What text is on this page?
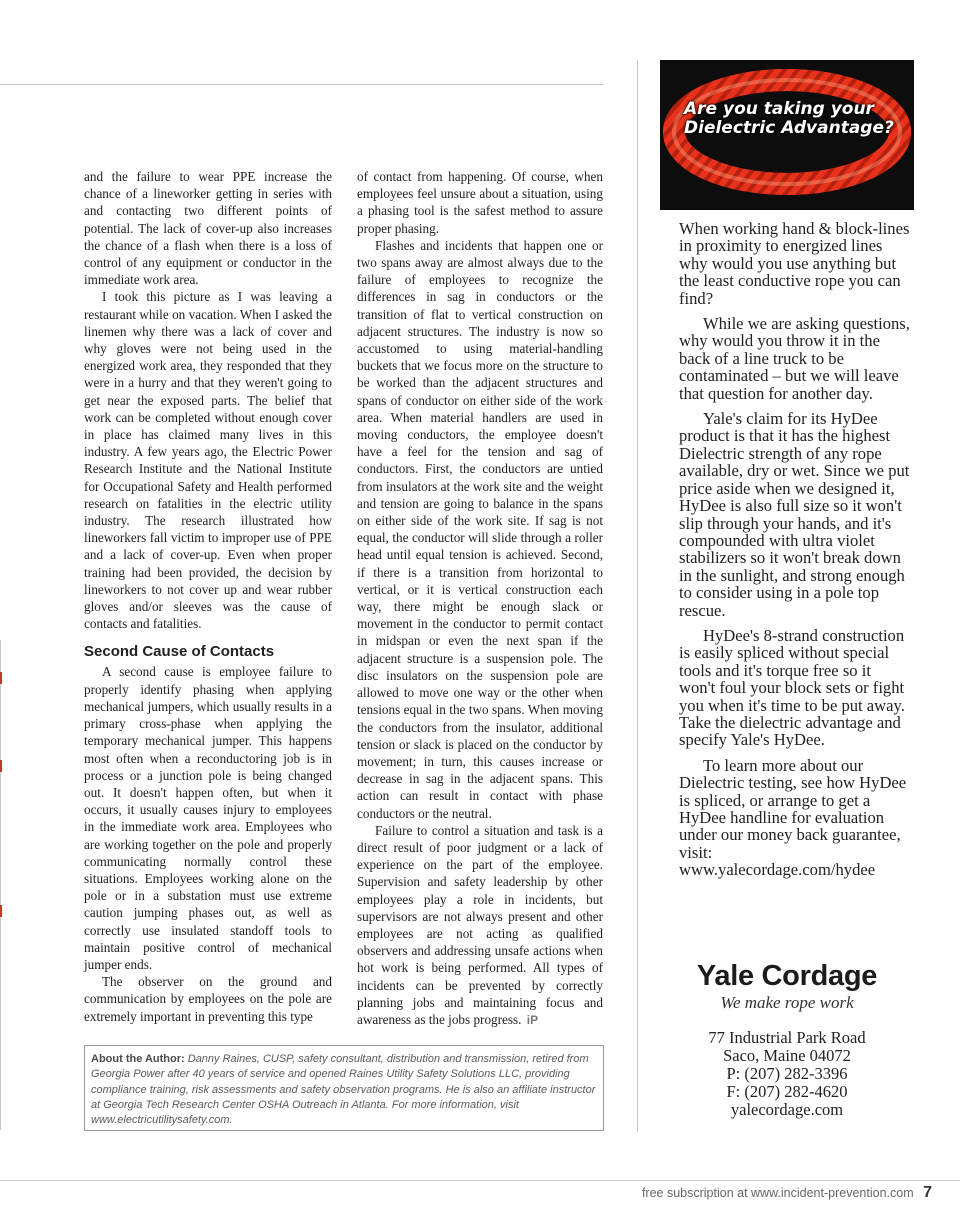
and the failure to wear PPE increase the chance of a lineworker getting in series with and contacting two different points of potential. The lack of cover-up also increases the chance of a flash when there is a loss of control of any equipment or conductor in the immediate work area.

I took this picture as I was leaving a restaurant while on vacation. When I asked the linemen why there was a lack of cover and why gloves were not being used in the energized work area, they responded that they were in a hurry and that they weren't going to get near the exposed parts. The belief that work can be completed without enough cover in place has claimed many lives in this industry. A few years ago, the Electric Power Research Institute and the National Institute for Occupational Safety and Health performed research on fatalities in the electric utility industry. The research illustrated how lineworkers fall victim to improper use of PPE and a lack of cover-up. Even when proper training had been provided, the decision by lineworkers to not cover up and wear rubber gloves and/or sleeves was the cause of contacts and fatalities.

Second Cause of Contacts

A second cause is employee failure to properly identify phasing when applying mechanical jumpers, which usually results in a primary cross-phase when applying the temporary mechanical jumper. This happens most often when a reconductoring job is in process or a junction pole is being changed out. It doesn't happen often, but when it occurs, it usually causes injury to employees in the immediate work area. Employees who are working together on the pole and properly communicating normally control these situations. Employees working alone on the pole or in a substation must use extreme caution jumping phases out, as well as correctly use insulated standoff tools to maintain positive control of mechanical jumper ends.

The observer on the ground and communication by employees on the pole are extremely important in preventing this type

of contact from happening. Of course, when employees feel unsure about a situation, using a phasing tool is the safest method to assure proper phasing.

Flashes and incidents that happen one or two spans away are almost always due to the failure of employees to recognize the differences in sag in conductors or the transition of flat to vertical construction on adjacent structures. The industry is now so accustomed to using material-handling buckets that we focus more on the structure to be worked than the adjacent structures and spans of conductor on either side of the work area. When material handlers are used in moving conductors, the employee doesn't have a feel for the tension and sag of conductors. First, the conductors are untied from insulators at the work site and the weight and tension are going to balance in the spans on either side of the work site. If sag is not equal, the conductor will slide through a roller head until equal tension is achieved. Second, if there is a transition from horizontal to vertical, or it is vertical construction each way, there might be enough slack or movement in the conductor to permit contact in midspan or even the next span if the adjacent structure is a suspension pole. The disc insulators on the suspension pole are allowed to move one way or the other when tensions equal in the two spans. When moving the conductors from the insulator, additional tension or slack is placed on the conductor by movement; in turn, this causes increase or decrease in sag in the adjacent spans. This action can result in contact with phase conductors or the neutral.

Failure to control a situation and task is a direct result of poor judgment or a lack of experience on the part of the employee. Supervision and safety leadership by other employees play a role in incidents, but supervisors are not always present and other employees are not acting as qualified observers and addressing unsafe actions when hot work is being performed. All types of incidents can be prevented by correctly planning jobs and maintaining focus and awareness as the jobs progress. iP

About the Author: Danny Raines, CUSP, safety consultant, distribution and transmission, retired from Georgia Power after 40 years of service and opened Raines Utility Safety Solutions LLC, providing compliance training, risk assessments and safety observation programs. He is also an affiliate instructor at Georgia Tech Research Center OSHA Outreach in Atlanta. For more information, visit www.electricutilitysafety.com.
Are you taking your
Dielectric Advantage?

When working hand & block-lines in proximity to energized lines why would you use anything but the least conductive rope you can find?

While we are asking questions, why would you throw it in the back of a line truck to be contaminated – but we will leave that question for another day.

Yale's claim for its HyDee product is that it has the highest Dielectric strength of any rope available, dry or wet. Since we put price aside when we designed it, HyDee is also full size so it won't slip through your hands, and it's compounded with ultra violet stabilizers so it won't break down in the sunlight, and strong enough to consider using in a pole top rescue.

HyDee's 8-strand construction is easily spliced without special tools and it's torque free so it won't foul your block sets or fight you when it's time to be put away. Take the dielectric advantage and specify Yale's HyDee.

To learn more about our Dielectric testing, see how HyDee is spliced, or arrange to get a HyDee handline for evaluation under our money back guarantee, visit: www.yalecordage.com/hydee

Yale Cordage
We make rope work
77 Industrial Park Road
Saco, Maine 04072
P: (207) 282-3396
F: (207) 282-4620
yalecordage.com
free subscription at www.incident-prevention.com 7
